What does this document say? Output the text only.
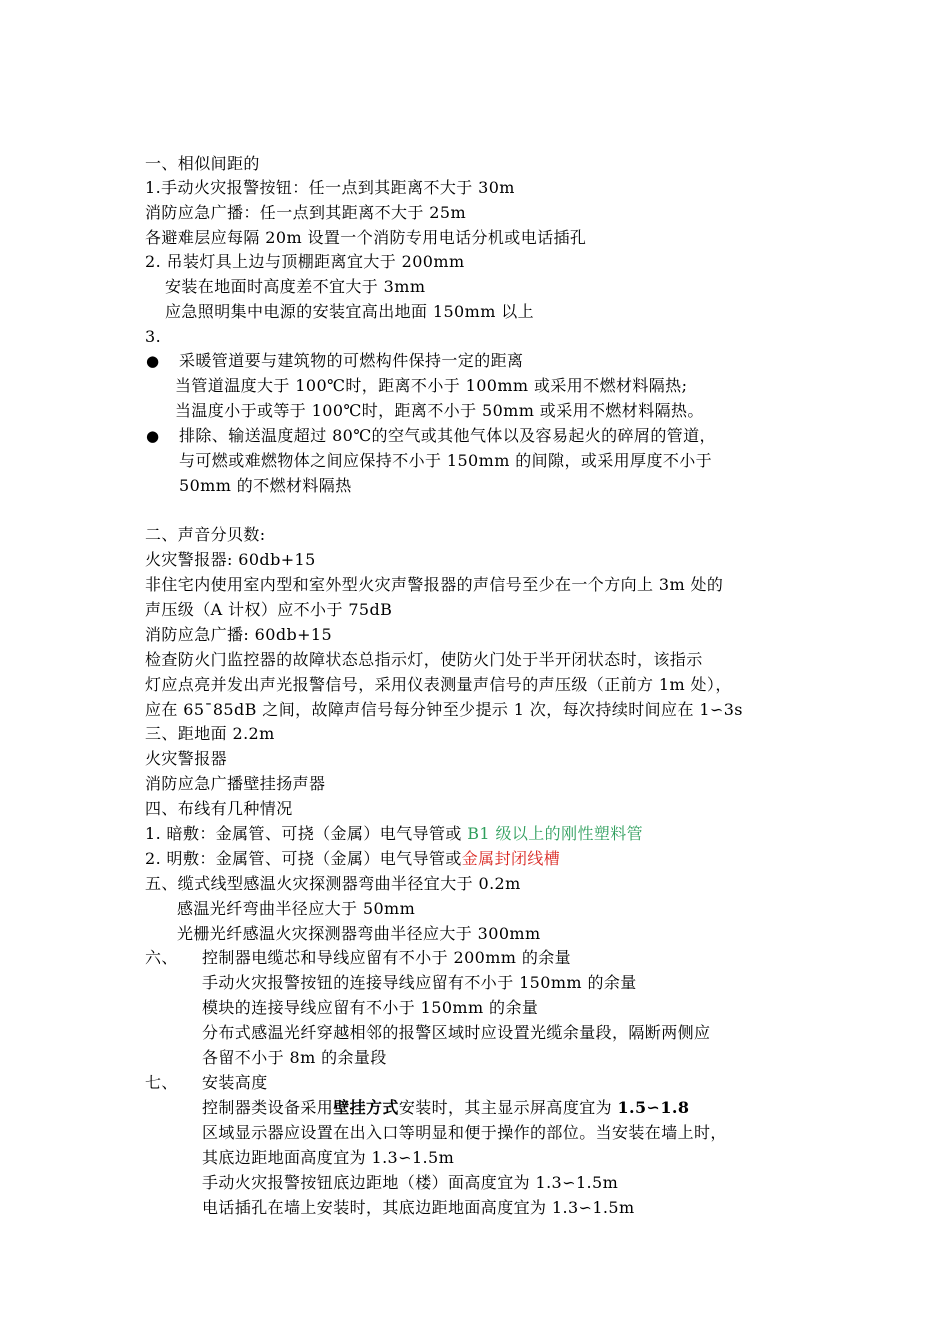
一、相似间距的
1.手动火灾报警按钮：任一点到其距离不大于 30m
消防应急广播：任一点到其距离不大于 25m
各避难层应每隔 20m 设置一个消防专用电话分机或电话插孔
2. 吊装灯具上边与顶棚距离宜大于 200mm
安装在地面时高度差不宜大于 3mm
应急照明集中电源的安装宜高出地面 150mm 以上
3.
● 采暖管道要与建筑物的可燃构件保持一定的距离
当管道温度大于 100℃时，距离不小于 100mm 或采用不燃材料隔热;
当温度小于或等于 100℃时，距离不小于 50mm 或采用不燃材料隔热。
● 排除、输送温度超过 80℃的空气或其他气体以及容易起火的碎屑的管道，
与可燃或难燃物体之间应保持不小于 150mm 的间隙，或采用厚度不小于
50mm 的不燃材料隔热
二、声音分贝数:
火灾警报器: 60db+15
非住宅内使用室内型和室外型火灾声警报器的声信号至少在一个方向上 3m 处的
声压级（A 计权）应不小于 75dB
消防应急广播: 60db+15
检查防火门监控器的故障状态总指示灯，使防火门处于半开闭状态时，该指示
灯应点亮并发出声光报警信号，采用仪表测量声信号的声压级（正前方 1m 处），
应在 65¯85dB 之间，故障声信号每分钟至少提示 1 次，每次持续时间应在 1∽3s
三、距地面 2.2m
火灾警报器
消防应急广播壁挂扬声器
四、布线有几种情况
1. 暗敷：金属管、可挠（金属）电气导管或 B1 级以上的刚性塑料管
2. 明敷：金属管、可挠（金属）电气导管或金属封闭线槽
五、缆式线型感温火灾探测器弯曲半径宜大于 0.2m
感温光纤弯曲半径应大于 50mm
光栅光纤感温火灾探测器弯曲半径应大于 300mm
六、 控制器电缆芯和导线应留有不小于 200mm 的余量
手动火灾报警按钮的连接导线应留有不小于 150mm 的余量
模块的连接导线应留有不小于 150mm 的余量
分布式感温光纤穿越相邻的报警区域时应设置光缆余量段，隔断两侧应
各留不小于 8m 的余量段
七、 安装高度
控制器类设备采用壁挂方式安装时，其主显示屏高度宜为 1.5∽1.8
区域显示器应设置在出入口等明显和便于操作的部位。当安装在墙上时，
其底边距地面高度宜为 1.3∽1.5m
手动火灾报警按钮底边距地（楼）面高度宜为 1.3∽1.5m
电话插孔在墙上安装时，其底边距地面高度宜为 1.3∽1.5m
